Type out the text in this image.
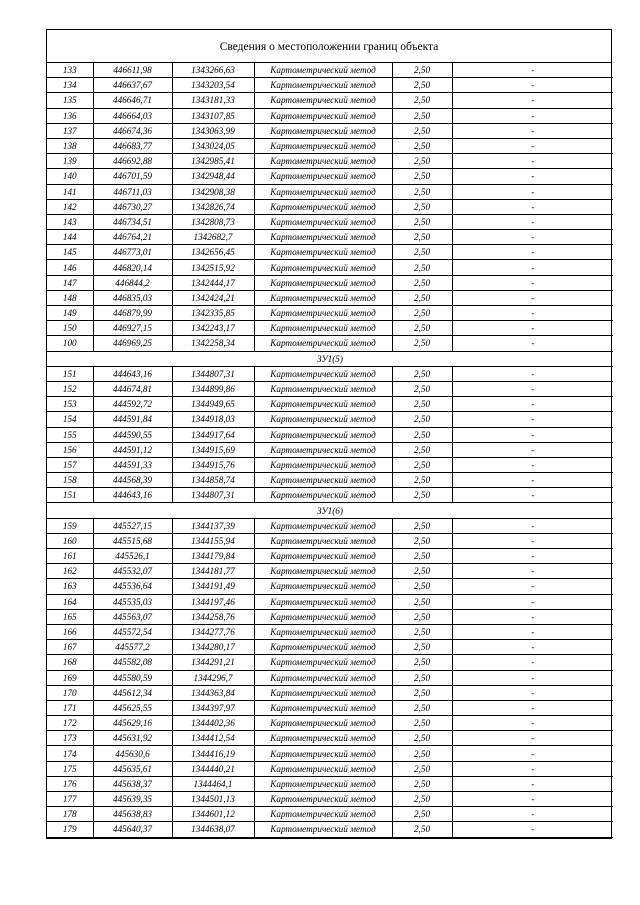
Сведения о местоположении границ объекта
133	446611,98	1343266,63	Картометрический метод	2,50	-
134	446637,67	1343203,54	Картометрический метод	2,50	-
135	446646,71	1343181,33	Картометрический метод	2,50	-
136	446664,03	1343107,85	Картометрический метод	2,50	-
137	446674,36	1343063,99	Картометрический метод	2,50	-
138	446683,77	1343024,05	Картометрический метод	2,50	-
139	446692,88	1342985,41	Картометрический метод	2,50	-
140	446701,59	1342948,44	Картометрический метод	2,50	-
141	446711,03	1342908,38	Картометрический метод	2,50	-
142	446730,27	1342826,74	Картометрический метод	2,50	-
143	446734,51	1342808,73	Картометрический метод	2,50	-
144	446764,21	1342682,7	Картометрический метод	2,50	-
145	446773,01	1342656,45	Картометрический метод	2,50	-
146	446820,14	1342515,92	Картометрический метод	2,50	-
147	446844,2	1342444,17	Картометрический метод	2,50	-
148	446835,03	1342424,21	Картометрический метод	2,50	-
149	446879,99	1342335,85	Картометрический метод	2,50	-
150	446927,15	1342243,17	Картометрический метод	2,50	-
100	446969,25	1342258,34	Картометрический метод	2,50	-
ЗУ1(5)					
151	444643,16	1344807,31	Картометрический метод	2,50	-
152	444674,81	1344899,86	Картометрический метод	2,50	-
153	444592,72	1344949,65	Картометрический метод	2,50	-
154	444591,84	1344918,03	Картометрический метод	2,50	-
155	444590,55	1344917,64	Картометрический метод	2,50	-
156	444591,12	1344915,69	Картометрический метод	2,50	-
157	444591,33	1344915,76	Картометрический метод	2,50	-
158	444568,39	1344858,74	Картометрический метод	2,50	-
151	444643,16	1344807,31	Картометрический метод	2,50	-
ЗУ1(6)					
159	445527,15	1344137,39	Картометрический метод	2,50	-
160	445515,68	1344155,94	Картометрический метод	2,50	-
161	445526,1	1344179,84	Картометрический метод	2,50	-
162	445532,07	1344181,77	Картометрический метод	2,50	-
163	445536,64	1344191,49	Картометрический метод	2,50	-
164	445535,03	1344197,46	Картометрический метод	2,50	-
165	445563,07	1344258,76	Картометрический метод	2,50	-
166	445572,54	1344277,76	Картометрический метод	2,50	-
167	445577,2	1344280,17	Картометрический метод	2,50	-
168	445582,08	1344291,21	Картометрический метод	2,50	-
169	445580,59	1344296,7	Картометрический метод	2,50	-
170	445612,34	1344363,84	Картометрический метод	2,50	-
171	445625,55	1344397,97	Картометрический метод	2,50	-
172	445629,16	1344402,36	Картометрический метод	2,50	-
173	445631,92	1344412,54	Картометрический метод	2,50	-
174	445630,6	1344416,19	Картометрический метод	2,50	-
175	445635,61	1344440,21	Картометрический метод	2,50	-
176	445638,37	1344464,1	Картометрический метод	2,50	-
177	445639,35	1344501,13	Картометрический метод	2,50	-
178	445638,83	1344601,12	Картометрический метод	2,50	-
179	445640,37	1344638,07	Картометрический метод	2,50	-
